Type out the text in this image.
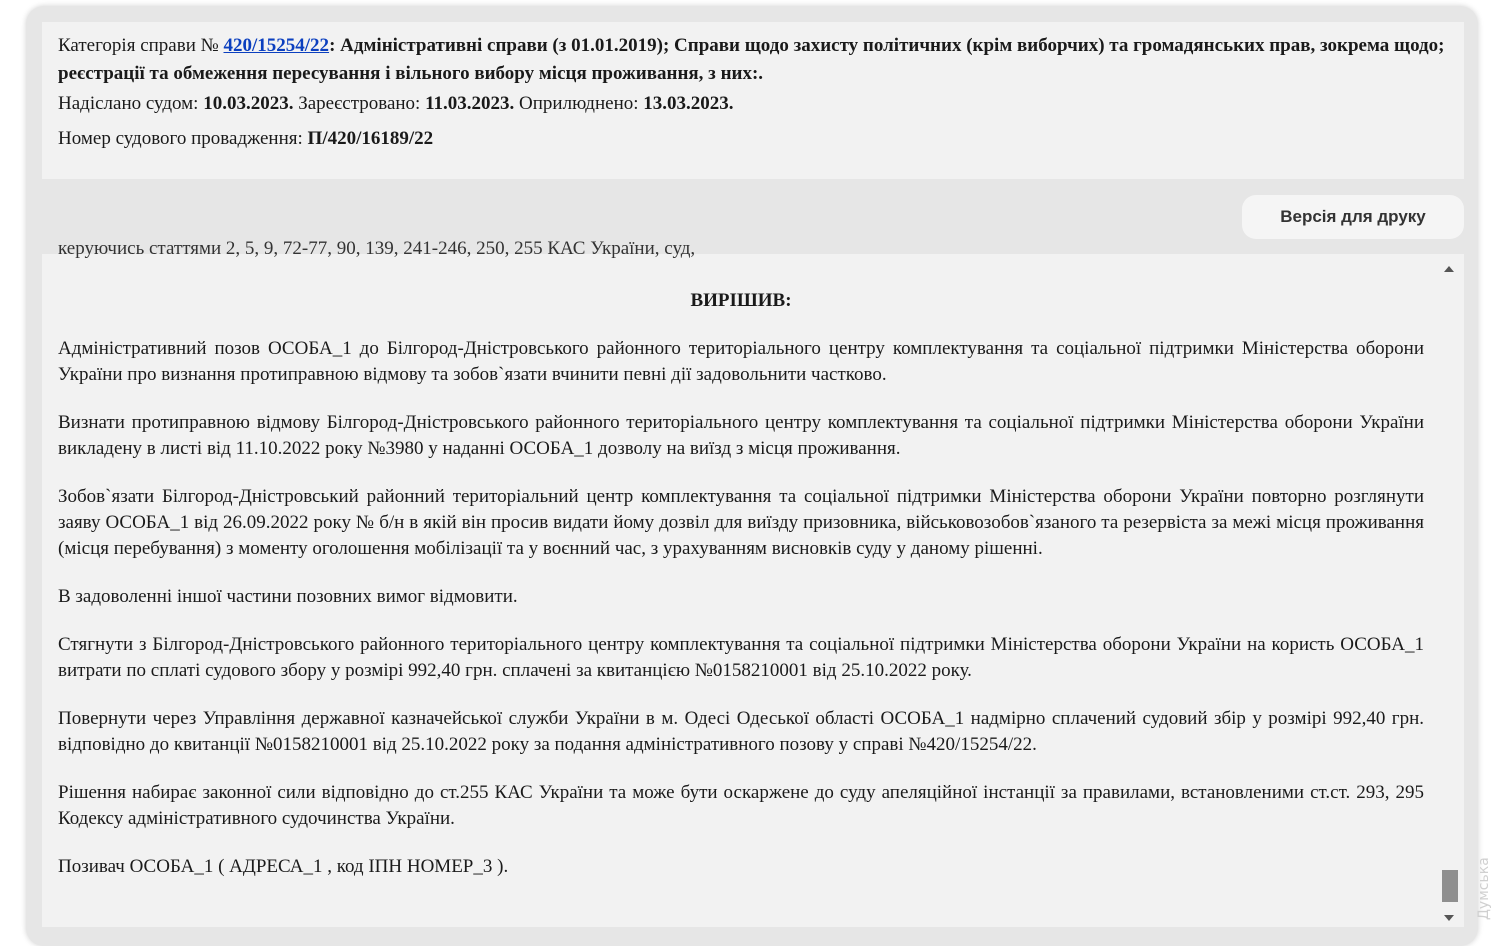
Категорія справи № 420/15254/22: Адміністративні справи (з 01.01.2019); Справи щодо захисту політичних (крім виборчих) та громадянських прав, зокрема щодо; реєстрації та обмеження пересування і вільного вибору місця проживання, з них:.

Надіслано судом: 10.03.2023. Зареєстровано: 11.03.2023. Оприлюднено: 13.03.2023.

Номер судового провадження: П/420/16189/22

Версія для друку
керуючись статтями 2, 5, 9, 72-77, 90, 139, 241-246, 250, 255 КАС України, суд,
ВИРІШИВ:

Адміністративний позов ОСОБА_1 до Білгород-Дністровського районного територіального центру комплектування та соціальної підтримки Міністерства оборони України про визнання протиправною відмову та зобов`язати вчинити певні дії задовольнити частково.

Визнати протиправною відмову Білгород-Дністровського районного територіального центру комплектування та соціальної підтримки Міністерства оборони України викладену в листі від 11.10.2022 року №3980 у наданні ОСОБА_1 дозволу на виїзд з місця проживання.

Зобов`язати Білгород-Дністровський районний територіальний центр комплектування та соціальної підтримки Міністерства оборони України повторно розглянути заяву ОСОБА_1 від 26.09.2022 року № б/н в якій він просив видати йому дозвіл для виїзду призовника, військовозобов`язаного та резервіста за межі місця проживання (місця перебування) з моменту оголошення мобілізації та у воєнний час, з урахуванням висновків суду у даному рішенні.

В задоволенні іншої частини позовних вимог відмовити.

Стягнути з Білгород-Дністровського районного територіального центру комплектування та соціальної підтримки Міністерства оборони України на користь ОСОБА_1 витрати по сплаті судового збору у розмірі 992,40 грн. сплачені за квитанцією №0158210001 від 25.10.2022 року.

Повернути через Управління державної казначейської служби України в м. Одесі Одеської області ОСОБА_1 надмірно сплачений судовий збір у розмірі 992,40 грн. відповідно до квитанції №0158210001 від 25.10.2022 року за подання адміністративного позову у справі №420/15254/22.

Рішення набирає законної сили відповідно до ст.255 КАС України та може бути оскаржене до суду апеляційної інстанції за правилами, встановленими ст.ст. 293, 295 Кодексу адміністративного судочинства України.

Позивач ОСОБА_1 ( АДРЕСА_1 , код ІПН НОМЕР_3 ).	Думська
